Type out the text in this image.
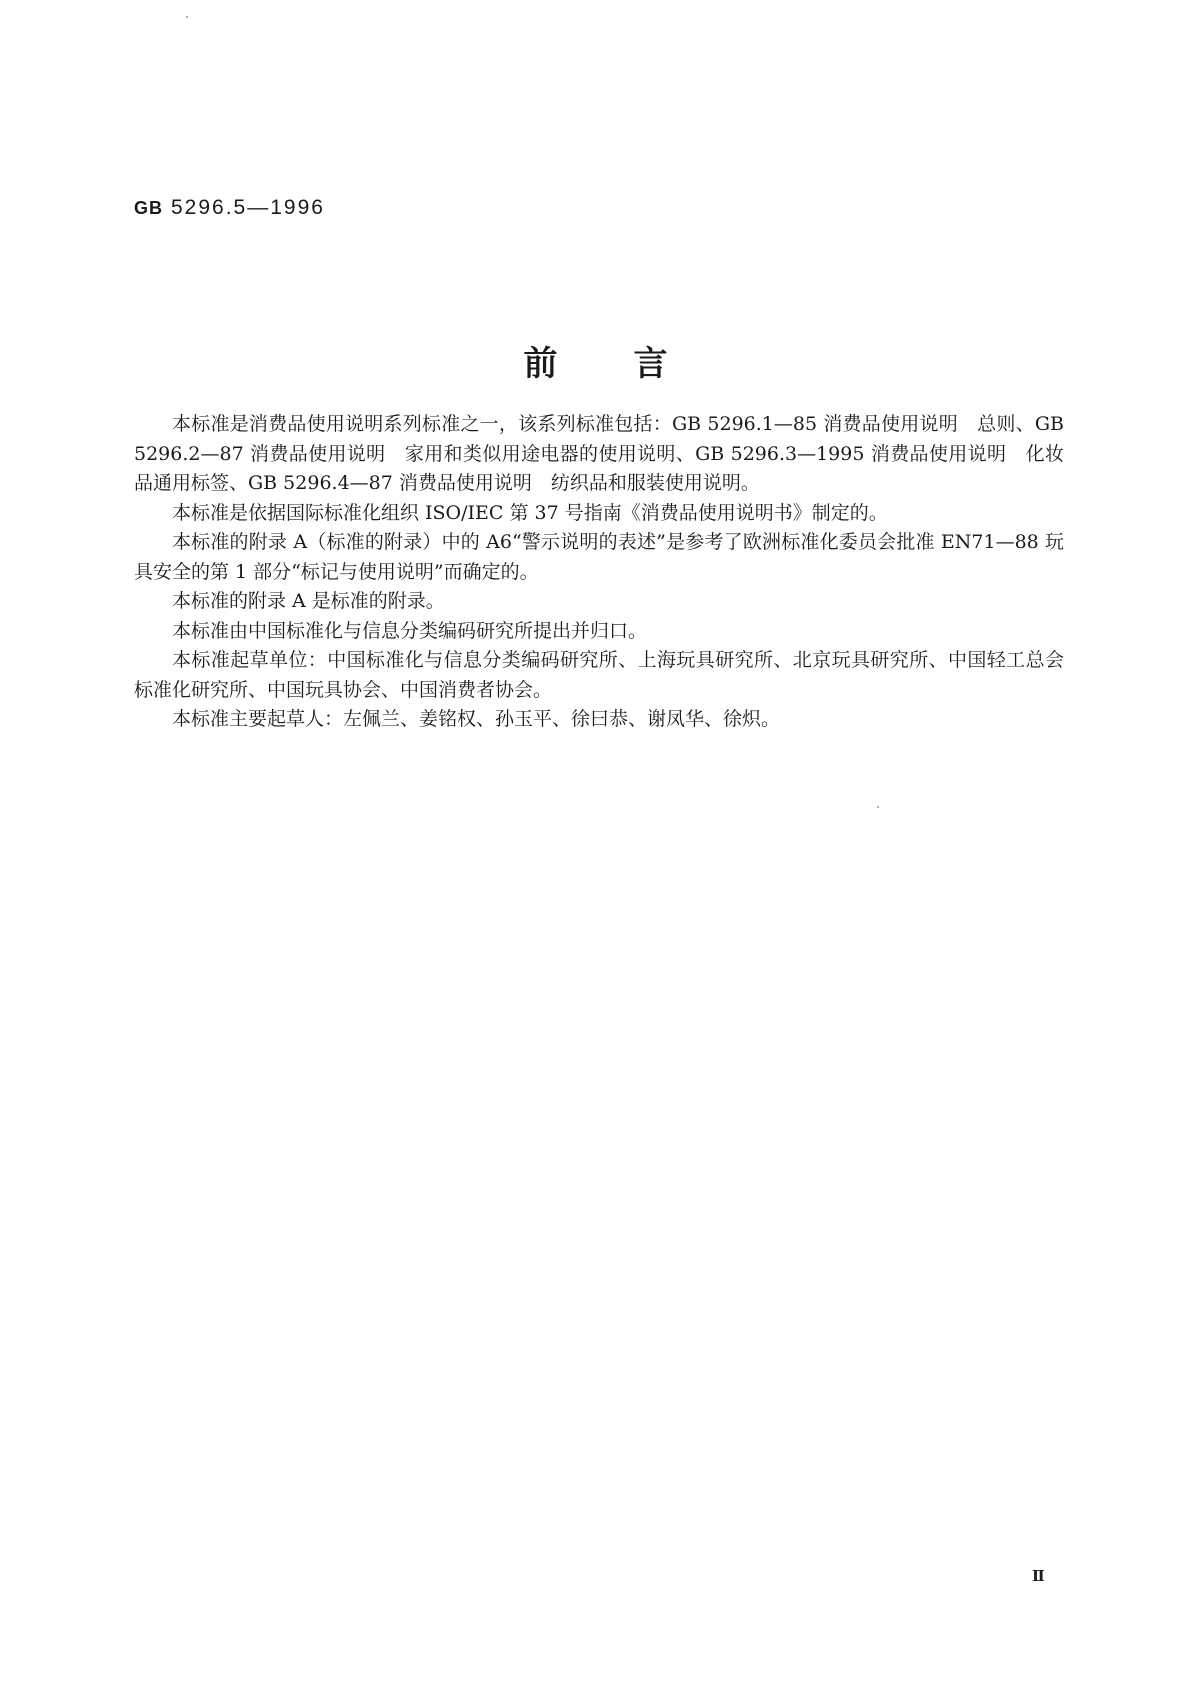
GB 5296.5—1996
前言

本标准是消费品使用说明系列标准之一，该系列标准包括：GB 5296.1—85 消费品使用说明　总则、GB 5296.2—87 消费品使用说明　家用和类似用途电器的使用说明、GB 5296.3—1995 消费品使用说明　化妆品通用标签、GB 5296.4—87 消费品使用说明　纺织品和服装使用说明。

本标准是依据国际标准化组织 ISO/IEC 第 37 号指南《消费品使用说明书》制定的。

本标准的附录 A（标准的附录）中的 A6“警示说明的表述”是参考了欧洲标准化委员会批准 EN71—88 玩具安全的第 1 部分“标记与使用说明”而确定的。

本标准的附录 A 是标准的附录。

本标准由中国标准化与信息分类编码研究所提出并归口。

本标准起草单位：中国标准化与信息分类编码研究所、上海玩具研究所、北京玩具研究所、中国轻工总会标准化研究所、中国玩具协会、中国消费者协会。

本标准主要起草人：左佩兰、姜铭权、孙玉平、徐曰恭、谢凤华、徐炽。

Ⅱ
